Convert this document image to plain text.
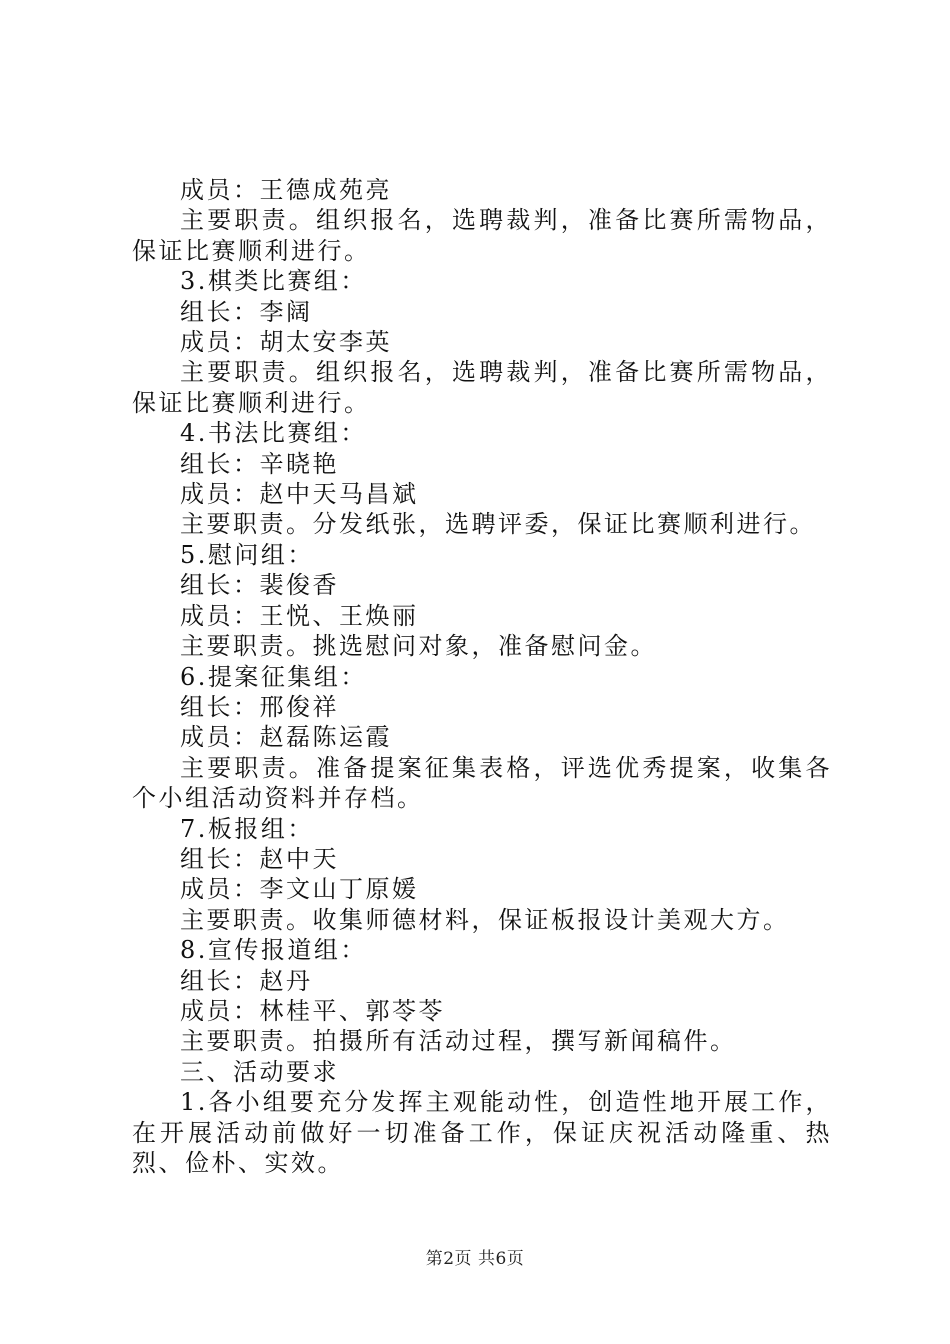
成员：王德成苑亮

主要职责。组织报名，选聘裁判，准备比赛所需物品，保证比赛顺利进行。

3.棋类比赛组：

组长：李阔

成员：胡太安李英

主要职责。组织报名，选聘裁判，准备比赛所需物品，保证比赛顺利进行。

4.书法比赛组：

组长：辛晓艳

成员：赵中天马昌斌

主要职责。分发纸张，选聘评委，保证比赛顺利进行。

5.慰问组：

组长：裴俊香

成员：王悦、王焕丽

主要职责。挑选慰问对象，准备慰问金。

6.提案征集组：

组长：邢俊祥

成员：赵磊陈运霞

主要职责。准备提案征集表格，评选优秀提案，收集各个小组活动资料并存档。

7.板报组：

组长：赵中天

成员：李文山丁原媛

主要职责。收集师德材料，保证板报设计美观大方。

8.宣传报道组：

组长：赵丹

成员：林桂平、郭苓苓

主要职责。拍摄所有活动过程，撰写新闻稿件。

三、活动要求

1.各小组要充分发挥主观能动性，创造性地开展工作，在开展活动前做好一切准备工作，保证庆祝活动隆重、热烈、俭朴、实效。

第2页 共6页
